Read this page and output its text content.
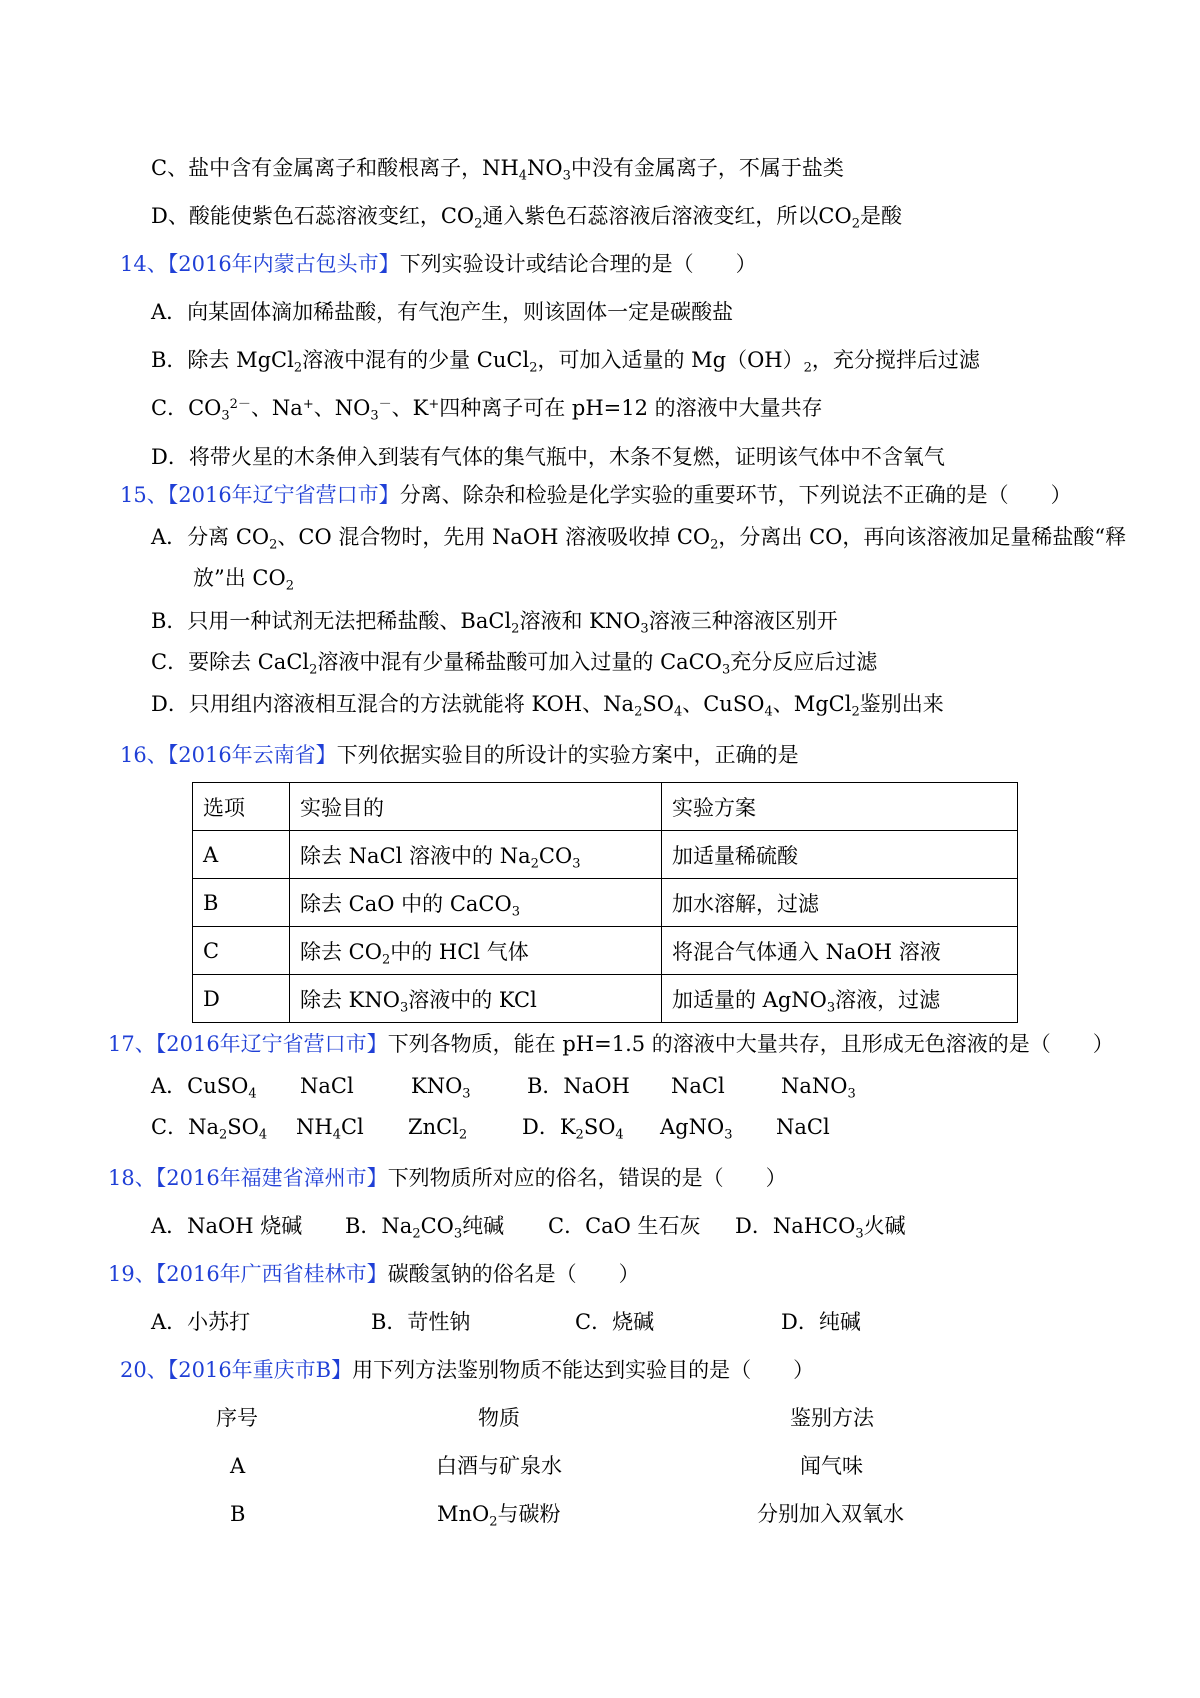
C、盐中含有金属离子和酸根离子，$NH_4NO_3$中没有金属离子，不属于盐类
D、酸能使紫色石蕊溶液变红，$CO_2$通入紫色石蕊溶液后溶液变红，所以$CO_2$是酸
14、【2016年内蒙古包头市】下列实验设计或结论合理的是（　　）
A．向某固体滴加稀盐酸，有气泡产生，则该固体一定是碳酸盐
B．除去 MgCl$_2$溶液中混有的少量 CuCl$_2$，可加入适量的 $Mg(OH)_2$，充分搅拌后过滤
C．$CO_3^{2-}$、Na+、$NO_3^-$、K+四种离子可在 pH=12 的溶液中大量共存
D．将带火星的木条伸入到装有气体的集气瓶中，木条不复燃，证明该气体中不含氧气
15、【2016年辽宁省营口市】分离、除杂和检验是化学实验的重要环节，下列说法不正确的是（　　）
A．分离 $CO_2$、CO 混合物时，先用 NaOH 溶液吸收掉 $CO_2$，分离出 CO，再向该溶液加足量稀盐酸“释
放”出 $CO_2$
B．只用一种试剂无法把稀盐酸、BaCl$_2$溶液和 $KNO_3$溶液三种溶液区别开
C．要除去 CaCl$_2$溶液中混有少量稀盐酸可加入过量的 CaCO$_3$充分反应后过滤
D．只用组内溶液相互混合的方法就能将 KOH、$Na_2SO_4$、CuSO$_4$、MgCl$_2$鉴别出来
16、【2016年云南省】下列依据实验目的所设计的实验方案中，正确的是
选项	实验目的	实验方案
A	除去 NaCl 溶液中的 $Na_2CO_3$	加适量稀硫酸
B	除去 CaO 中的 CaCO$_3$	加水溶解，过滤
C	除去 $CO_2$中的 HCl 气体	将混合气体通入 NaOH 溶液
D	除去 $KNO_3$溶液中的 KCl	加适量的 AgNO$_3$溶液，过滤
17、【2016年辽宁省营口市】下列各物质，能在 pH=1.5 的溶液中大量共存，且形成无色溶液的是（　　）
A．CuSO$_4$ NaCl	$KNO_3$	B．NaOH NaCl	NaNO$_3$
C．$Na_2SO_4$ $NH_4Cl$ ZnCl$_2$	D．$K_2SO_4$ AgNO$_3$ NaCl
18、【2016年福建省漳州市】下列物质所对应的俗名，错误的是（　　）
A．NaOH 烧碱 B．$Na_2CO_3$纯碱 C．CaO 生石灰 D．NaHCO$_3$火碱
19、【2016年广西省桂林市】碳酸氢钠的俗名是（　　）
A．小苏打	B．苛性钠	C．烧碱	D．纯碱
20、【2016年重庆市B】用下列方法鉴别物质不能达到实验目的是（　　）
序号	物质	鉴别方法
A	白酒与矿泉水	闻气味
B	MnO$_2$与碳粉	分别加入双氧水
